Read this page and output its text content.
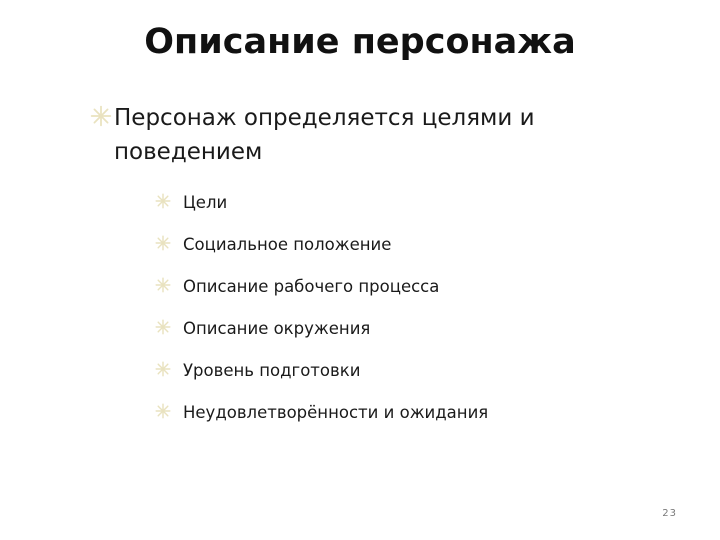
Описание персонажа
Персонаж определяется целями и поведением
Цели
Социальное положение
Описание рабочего процесса
Описание окружения
Уровень подготовки
Неудовлетворённости и ожидания
23
